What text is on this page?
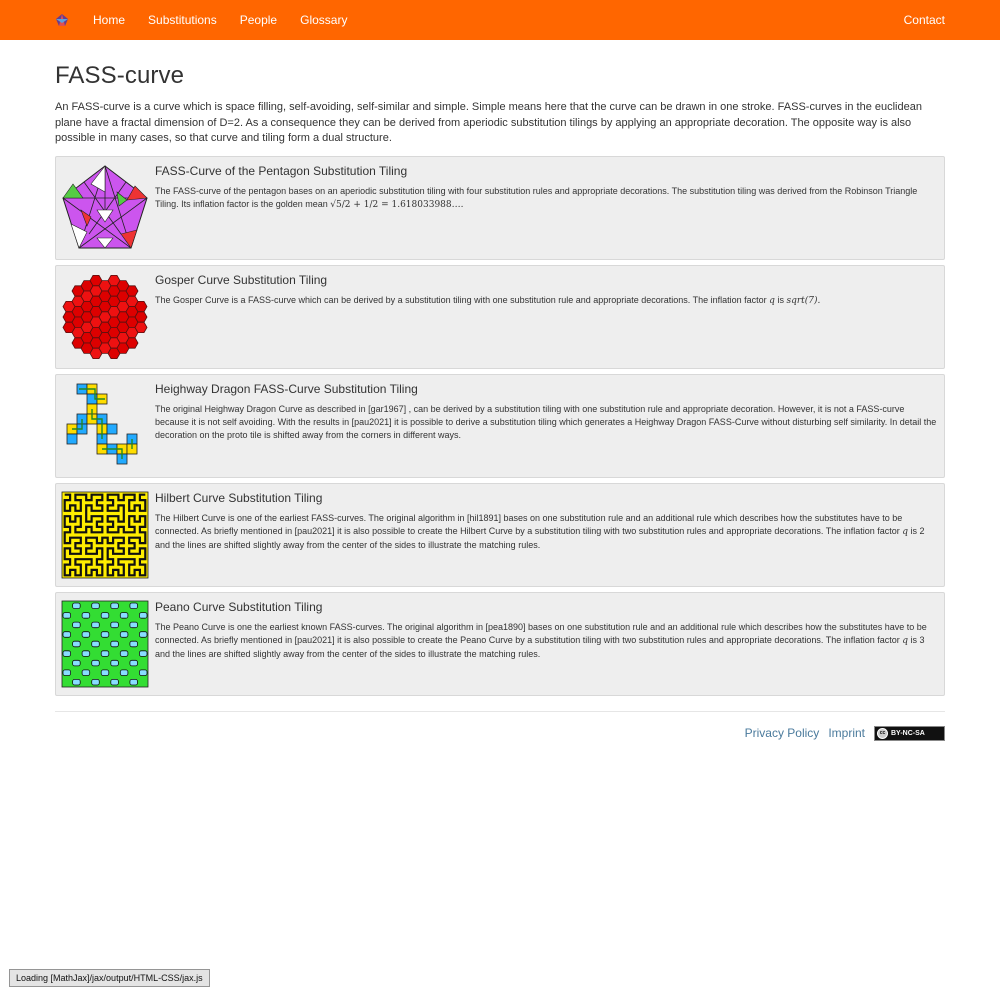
Home Substitutions People Glossary	Contact
FASS-curve

An FASS-curve is a curve which is space filling, self-avoiding, self-similar and simple. Simple means here that the curve can be drawn in one stroke. FASS-curves in the euclidean plane have a fractal dimension of D=2. As a consequence they can be derived from aperiodic substitution tilings by applying an appropriate decoration. The opposite way is also possible in many cases, so that curve and tiling form a dual structure.

FASS-Curve of the Pentagon Substitution Tiling

The FASS-curve of the pentagon bases on an aperiodic substitution tiling with four substitution rules and appropriate decorations. The substitution tiling was derived from the Robinson Triangle Tiling. Its inflation factor is the golden mean √5/2 + 1/2 = 1.618033988….

Gosper Curve Substitution Tiling

The Gosper Curve is a FASS-curve which can be derived by a substitution tiling with one substitution rule and appropriate decorations. The inflation factor q is sqrt(7).

Heighway Dragon FASS-Curve Substitution Tiling

The original Heighway Dragon Curve as described in [gar1967] , can be derived by a substitution tiling with one substitution rule and appropriate decoration. However, it is not a FASS-curve because it is not self avoiding. With the results in [pau2021] it is possible to derive a substitution tiling which generates a Heighway Dragon FASS-Curve without disturbing self similarity. In detail the decoration on the proto tile is shifted away from the corners in different ways.

Hilbert Curve Substitution Tiling

The Hilbert Curve is one of the earliest FASS-curves. The original algorithm in [hil1891] bases on one substitution rule and an additional rule which describes how the substitutes have to be connected. As briefly mentioned in [pau2021] it is also possible to create the Hilbert Curve by a substitution tiling with two substitution rules and appropriate decorations. The inflation factor q is 2 and the lines are shifted slightly away from the center of the sides to illustrate the matching rules.

Peano Curve Substitution Tiling

The Peano Curve is one the earliest known FASS-curves. The original algorithm in [pea1890] bases on one substitution rule and an additional rule which describes how the substitutes have to be connected. As briefly mentioned in [pau2021] it is also possible to create the Peano Curve by a substitution tiling with two substitution rules and appropriate decorations. The inflation factor q is 3 and the lines are shifted slightly away from the center of the sides to illustrate the matching rules.

Privacy Policy Imprint	cc BY-NC-SA
Loading [MathJax]/jax/output/HTML-CSS/jax.js
